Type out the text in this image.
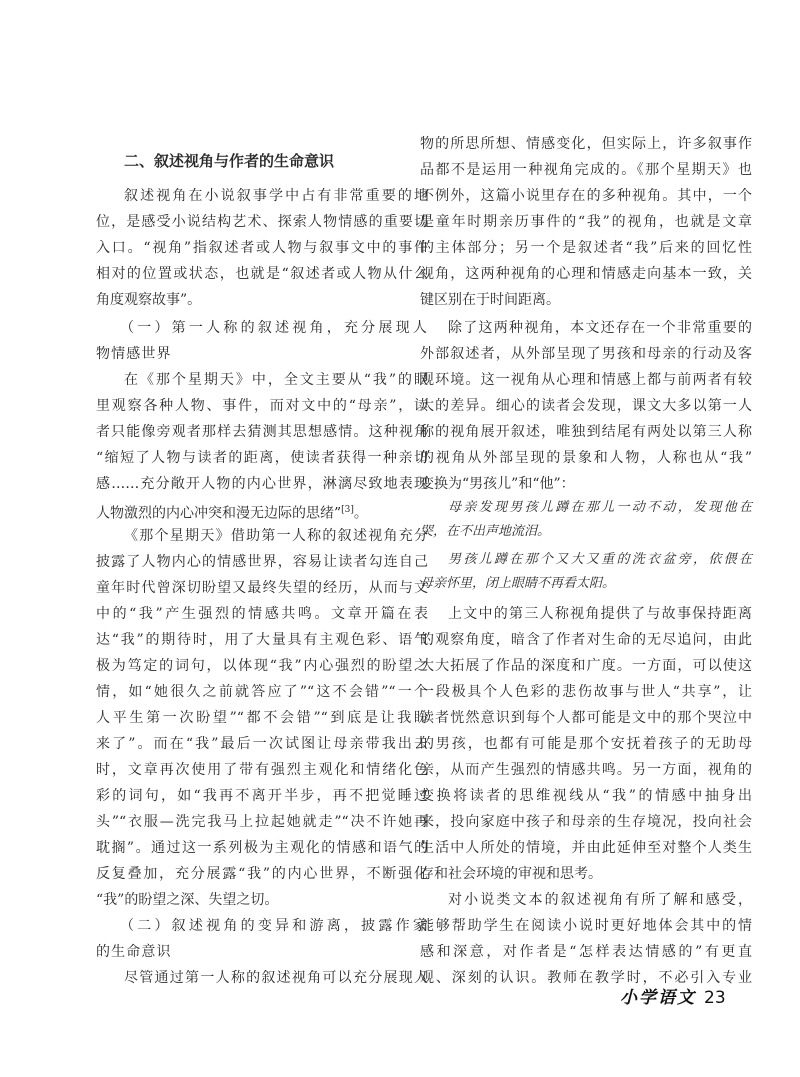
二、叙述视角与作者的生命意识
叙述视角在小说叙事学中占有非常重要的地
位，是感受小说结构艺术、探索人物情感的重要切
入口。“视角”指叙述者或人物与叙事文中的事件
相对的位置或状态，也就是“叙述者或人物从什么
角度观察故事”。
（一）第一人称的叙述视角，充分展现人
物情感世界
在《那个星期天》中，全文主要从“我”的眼
里观察各种人物、事件，而对文中的“母亲”，读
者只能像旁观者那样去猜测其思想感情。这种视角
“缩短了人物与读者的距离，使读者获得一种亲切
感……充分敞开人物的内心世界，淋漓尽致地表现
人物激烈的内心冲突和漫无边际的思绪”[3]。
《那个星期天》借助第一人称的叙述视角充分
披露了人物内心的情感世界，容易让读者勾连自己
童年时代曾深切盼望又最终失望的经历，从而与文
中的“我”产生强烈的情感共鸣。文章开篇在表
达“我”的期待时，用了大量具有主观色彩、语气
极为笃定的词句，以体现“我”内心强烈的盼望之
情，如“她很久之前就答应了”“这不会错”“一个
人平生第一次盼望”“都不会错”“到底是让我盼
来了”。而在“我”最后一次试图让母亲带我出去
时，文章再次使用了带有强烈主观化和情绪化色
彩的词句，如“我再不离开半步，再不把觉睡过
头”“衣服—洗完我马上拉起她就走”“决不许她再
耽搁”。通过这一系列极为主观化的情感和语气的
反复叠加，充分展露“我”的内心世界，不断强化
“我”的盼望之深、失望之切。
（二）叙述视角的变异和游离，披露作家
的生命意识
尽管通过第一人称的叙述视角可以充分展现人
物的所思所想、情感变化，但实际上，许多叙事作
品都不是运用一种视角完成的。《那个星期天》也
不例外，这篇小说里存在的多种视角。其中，一个
是童年时期亲历事件的“我”的视角，也就是文章
的主体部分；另一个是叙述者“我”后来的回忆性
视角，这两种视角的心理和情感走向基本一致，关
键区别在于时间距离。
除了这两种视角，本文还存在一个非常重要的
外部叙述者，从外部呈现了男孩和母亲的行动及客
观环境。这一视角从心理和情感上都与前两者有较
大的差异。细心的读者会发现，课文大多以第一人
称的视角展开叙述，唯独到结尾有两处以第三人称
的视角从外部呈现的景象和人物，人称也从“我”
变换为“男孩儿”和“他”：
母亲发现男孩儿蹲在那儿一动不动，发现他在
哭，在不出声地流泪。
男孩儿蹲在那个又大又重的洗衣盆旁，依偎在
母亲怀里，闭上眼睛不再看太阳。
上文中的第三人称视角提供了与故事保持距离
的观察角度，暗含了作者对生命的无尽追问，由此
大大拓展了作品的深度和广度。一方面，可以使这
一段极具个人色彩的悲伤故事与世人“共享”，让
读者恍然意识到每个人都可能是文中的那个哭泣中
的男孩，也都有可能是那个安抚着孩子的无助母
亲，从而产生强烈的情感共鸣。另一方面，视角的
变换将读者的思维视线从“我”的情感中抽身出
来，投向家庭中孩子和母亲的生存境况，投向社会
生活中人所处的情境，并由此延伸至对整个人类生
存和社会环境的审视和思考。
对小说类文本的叙述视角有所了解和感受，
能够帮助学生在阅读小说时更好地体会其中的情
感和深意，对作者是“怎样表达情感的”有更直
观、深刻的认识。教师在教学时，不必引入专业
小学语文 23
